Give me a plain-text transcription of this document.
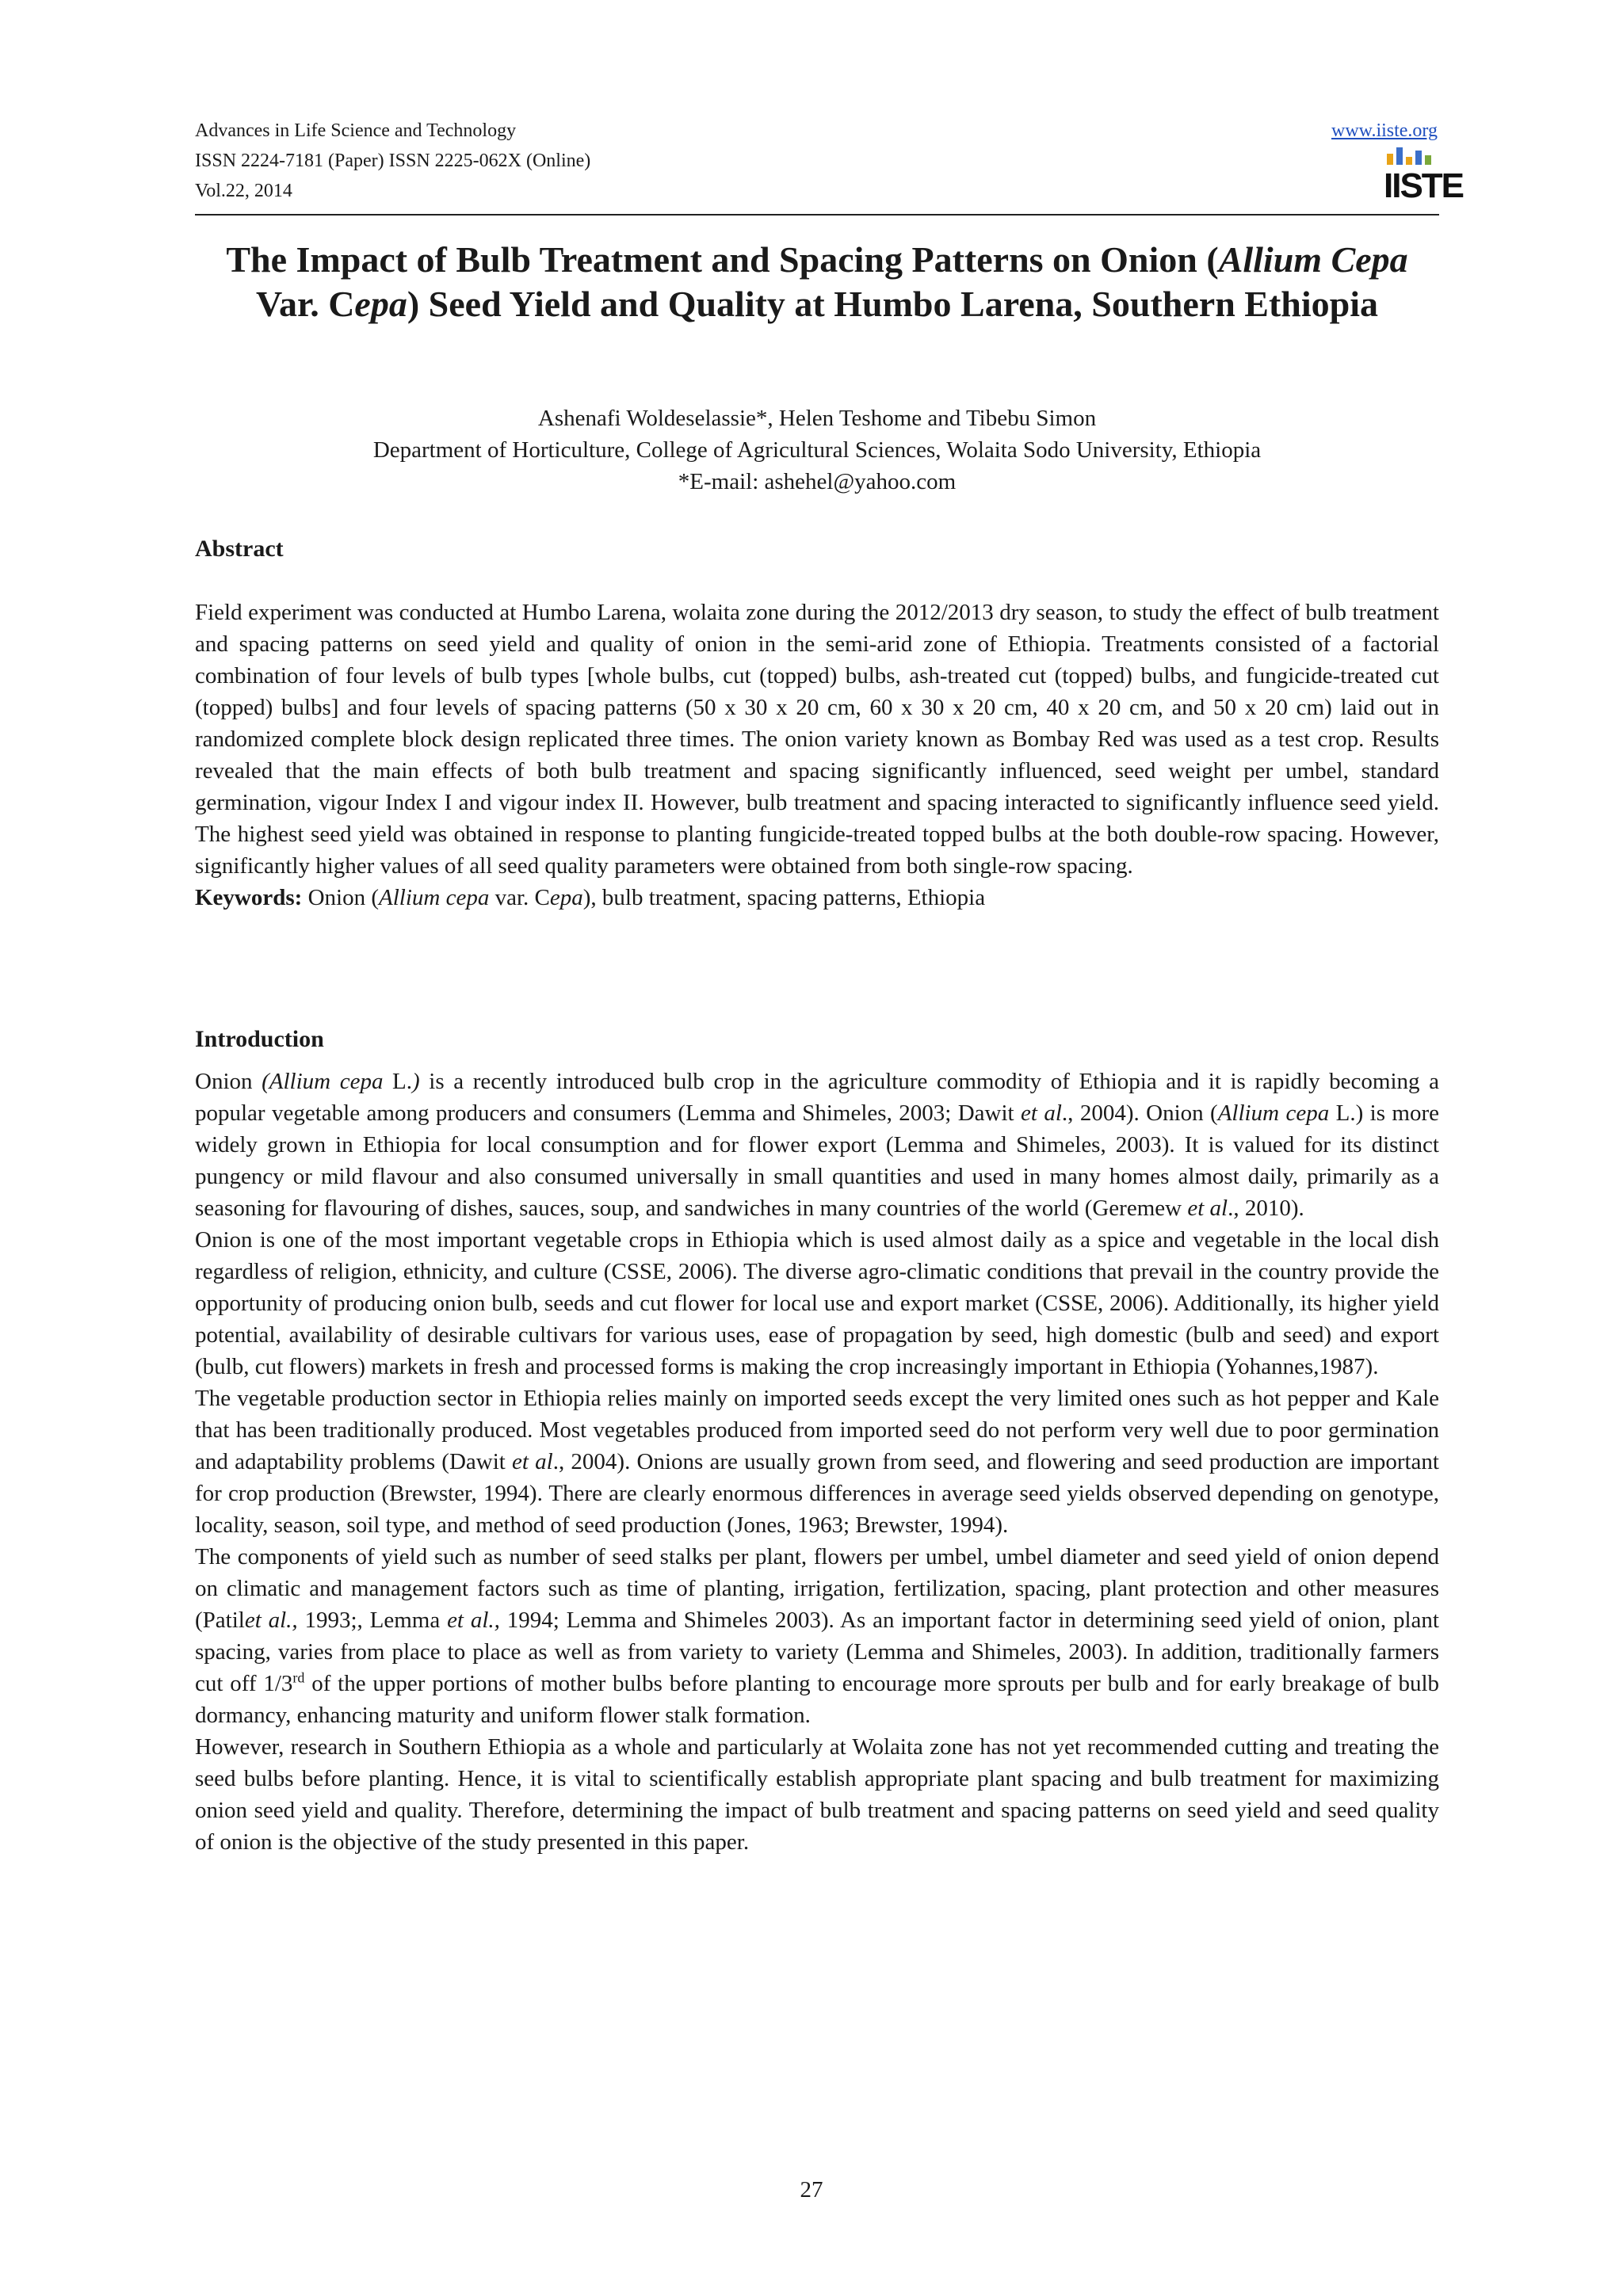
Advances in Life Science and Technology
ISSN 2224-7181 (Paper) ISSN 2225-062X (Online)
Vol.22, 2014
www.iiste.org
IISTE
The Impact of Bulb Treatment and Spacing Patterns on Onion (Allium Cepa Var. Cepa) Seed Yield and Quality at Humbo Larena, Southern Ethiopia
Ashenafi Woldeselassie*, Helen Teshome and Tibebu Simon
Department of Horticulture, College of Agricultural Sciences, Wolaita Sodo University, Ethiopia
*E-mail: ashehel@yahoo.com
Abstract

Field experiment was conducted at Humbo Larena, wolaita zone during the 2012/2013 dry season, to study the effect of bulb treatment and spacing patterns on seed yield and quality of onion in the semi-arid zone of Ethiopia. Treatments consisted of a factorial combination of four levels of bulb types [whole bulbs, cut (topped) bulbs, ash-treated cut (topped) bulbs, and fungicide-treated cut (topped) bulbs] and four levels of spacing patterns (50 x 30 x 20 cm, 60 x 30 x 20 cm, 40 x 20 cm, and 50 x 20 cm) laid out in randomized complete block design replicated three times. The onion variety known as Bombay Red was used as a test crop. Results revealed that the main effects of both bulb treatment and spacing significantly influenced, seed weight per umbel, standard germination, vigour Index I and vigour index II. However, bulb treatment and spacing interacted to significantly influence seed yield. The highest seed yield was obtained in response to planting fungicide-treated topped bulbs at the both double-row spacing. However, significantly higher values of all seed quality parameters were obtained from both single-row spacing.

Keywords: Onion (Allium cepa var. Cepa), bulb treatment, spacing patterns, Ethiopia

Introduction

Onion (Allium cepa L.) is a recently introduced bulb crop in the agriculture commodity of Ethiopia and it is rapidly becoming a popular vegetable among producers and consumers (Lemma and Shimeles, 2003; Dawit et al., 2004). Onion (Allium cepa L.) is more widely grown in Ethiopia for local consumption and for flower export (Lemma and Shimeles, 2003). It is valued for its distinct pungency or mild flavour and also consumed universally in small quantities and used in many homes almost daily, primarily as a seasoning for flavouring of dishes, sauces, soup, and sandwiches in many countries of the world (Geremew et al., 2010).

Onion is one of the most important vegetable crops in Ethiopia which is used almost daily as a spice and vegetable in the local dish regardless of religion, ethnicity, and culture (CSSE, 2006). The diverse agro-climatic conditions that prevail in the country provide the opportunity of producing onion bulb, seeds and cut flower for local use and export market (CSSE, 2006). Additionally, its higher yield potential, availability of desirable cultivars for various uses, ease of propagation by seed, high domestic (bulb and seed) and export (bulb, cut flowers) markets in fresh and processed forms is making the crop increasingly important in Ethiopia (Yohannes,1987).

The vegetable production sector in Ethiopia relies mainly on imported seeds except the very limited ones such as hot pepper and Kale that has been traditionally produced. Most vegetables produced from imported seed do not perform very well due to poor germination and adaptability problems (Dawit et al., 2004). Onions are usually grown from seed, and flowering and seed production are important for crop production (Brewster, 1994). There are clearly enormous differences in average seed yields observed depending on genotype, locality, season, soil type, and method of seed production (Jones, 1963; Brewster, 1994).

The components of yield such as number of seed stalks per plant, flowers per umbel, umbel diameter and seed yield of onion depend on climatic and management factors such as time of planting, irrigation, fertilization, spacing, plant protection and other measures (Patilet al., 1993;, Lemma et al., 1994; Lemma and Shimeles 2003). As an important factor in determining seed yield of onion, plant spacing, varies from place to place as well as from variety to variety (Lemma and Shimeles, 2003). In addition, traditionally farmers cut off 1/3rd of the upper portions of mother bulbs before planting to encourage more sprouts per bulb and for early breakage of bulb dormancy, enhancing maturity and uniform flower stalk formation.

However, research in Southern Ethiopia as a whole and particularly at Wolaita zone has not yet recommended cutting and treating the seed bulbs before planting. Hence, it is vital to scientifically establish appropriate plant spacing and bulb treatment for maximizing onion seed yield and quality. Therefore, determining the impact of bulb treatment and spacing patterns on seed yield and seed quality of onion is the objective of the study presented in this paper.

27
